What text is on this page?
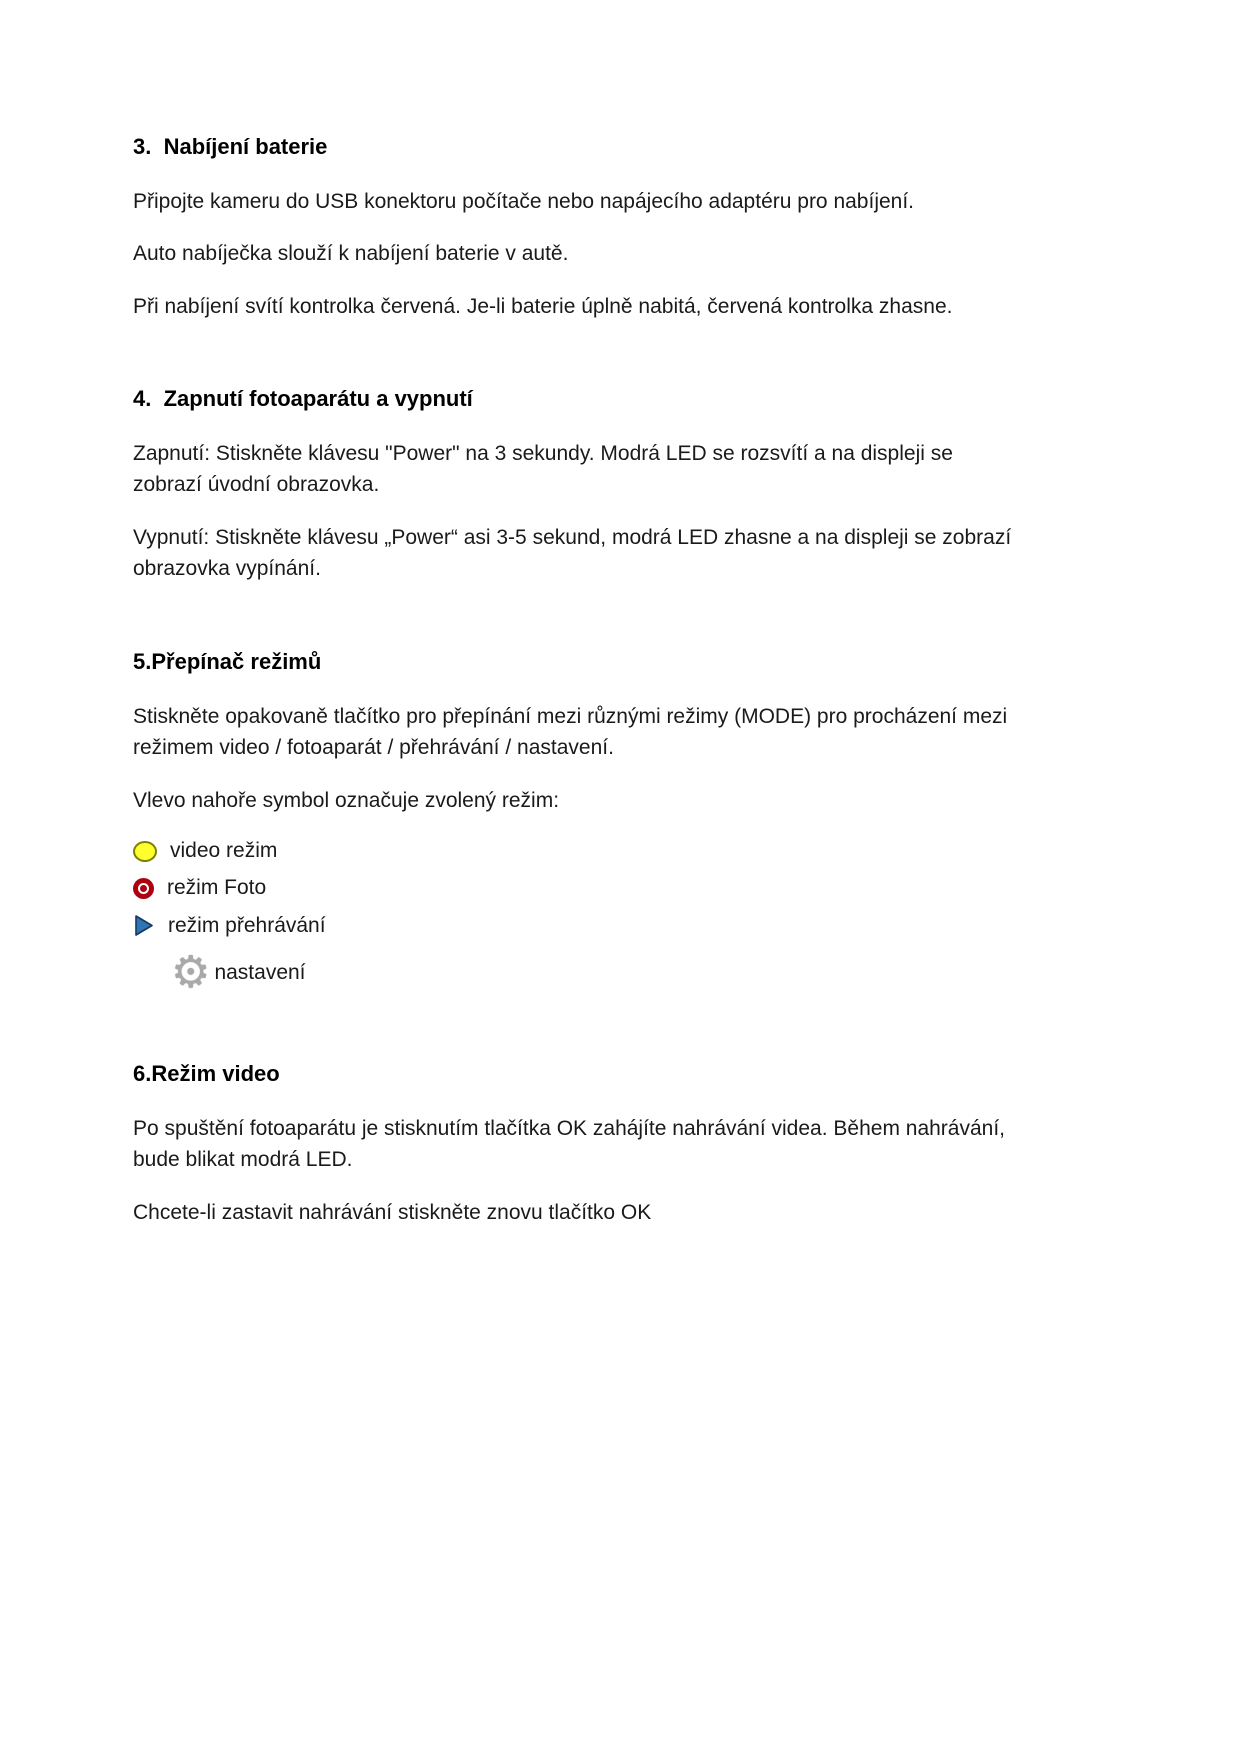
3.  Nabíjení baterie

Připojte kameru do USB konektoru počítače nebo napájecího adaptéru pro nabíjení.

Auto nabíječka slouží k nabíjení baterie v autě.

Při nabíjení svítí kontrolka červená. Je-li baterie úplně nabitá, červená kontrolka zhasne.

4.  Zapnutí fotoaparátu a vypnutí

Zapnutí: Stiskněte klávesu "Power" na 3 sekundy. Modrá LED se rozsvítí a na displeji se zobrazí úvodní obrazovka.

Vypnutí: Stiskněte klávesu „Power“ asi 3-5 sekund, modrá LED zhasne a na displeji se zobrazí obrazovka vypínání.

5.Přepínač režimů

Stiskněte opakovaně tlačítko pro přepínání mezi různými režimy (MODE) pro procházení mezi režimem video / fotoaparát / přehrávání / nastavení.

Vlevo nahoře symbol označuje zvolený režim:

video režim
režim Foto
režim přehrávání
⚙ nastavení
6.Režim video

Po spuštění fotoaparátu je stisknutím tlačítka OK zahájíte nahrávání videa. Během nahrávání, bude blikat modrá LED.

Chcete-li zastavit nahrávání stiskněte znovu tlačítko OK
